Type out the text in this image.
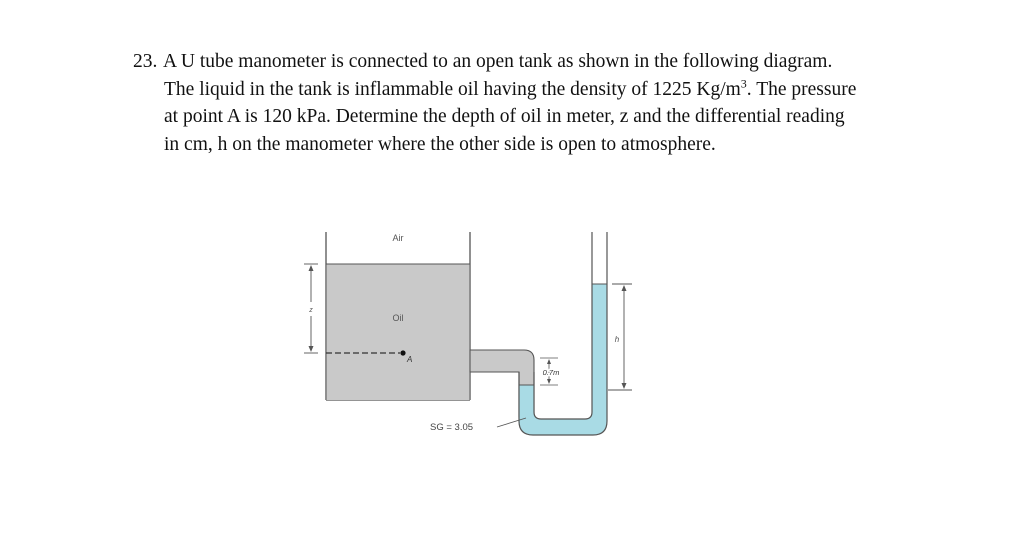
23. A U tube manometer is connected to an open tank as shown in the following diagram.
The liquid in the tank is inflammable oil having the density of 1225 $Kg/m^3$. The pressure
at point A is 120 kPa. Determine the depth of oil in meter, z and the differential reading
in cm, h on the manometer where the other side is open to atmosphere.
Air
Oil
A
z
0.7m
h
SG = 3.05
